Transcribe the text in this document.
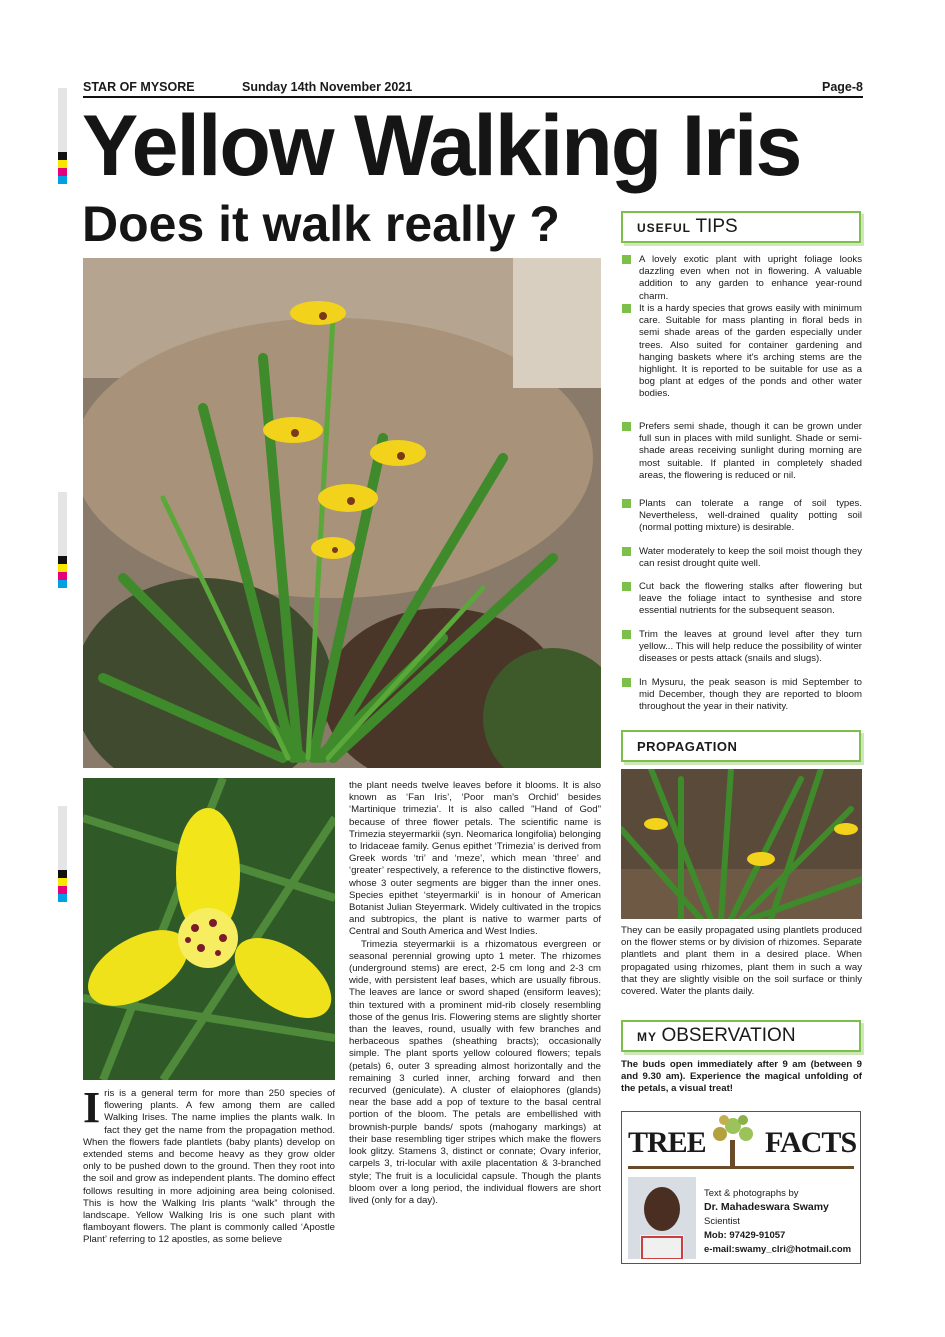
STAR OF MYSORE	Sunday 14th November 2021	Page-8
Yellow Walking Iris
Does it walk really ?
Iris is a general term for more than 250 species of flowering plants. A few among them are called Walking Irises. The name implies the plants walk. In fact they get the name from the propagation method. When the flowers fade plantlets (baby plants) develop on extended stems and become heavy as they grow older only to be pushed down to the ground. Then they root into the soil and grow as independent plants. The domino effect follows resulting in more adjoining area being colonised. This is how the Walking Iris plants “walk” through the landscape. Yellow Walking Iris is one such plant with flamboyant flowers. The plant is commonly called ‘Apostle Plant’ referring to 12 apostles, as some believe
the plant needs twelve leaves before it blooms. It is also known as ‘Fan Iris’, ‘Poor man's Orchid’ besides ‘Martinique trimezia’. It is also called "Hand of God" because of three flower petals. The scientific name is Trimezia steyermarkii (syn. Neomarica longifolia) belonging to Iridaceae family. Genus epithet ‘Trimezia’ is derived from Greek words ‘tri’ and ‘meze’, which mean ‘three’ and ‘greater’ respectively, a reference to the distinctive flowers, whose 3 outer segments are bigger than the inner ones. Species epithet ‘steyermarkii’ is in honour of American Botanist Julian Steyermark. Widely cultivated in the tropics and subtropics, the plant is native to warmer parts of Central and South America and West Indies.
Trimezia steyermarkii is a rhizomatous evergreen or seasonal perennial growing upto 1 meter. The rhizomes (underground stems) are erect, 2-5 cm long and 2-3 cm wide, with persistent leaf bases, which are usually fibrous. The leaves are lance or sword shaped (ensiform leaves); thin textured with a prominent mid-rib closely resembling those of the genus Iris. Flowering stems are slightly shorter than the leaves, round, usually with few branches and herbaceous spathes (sheathing bracts); occasionally simple. The plant sports yellow coloured flowers; tepals (petals) 6, outer 3 spreading almost horizontally and the remaining 3 curled inner, arching forward and then recurved (geniculate). A cluster of elaiophores (glands) near the base add a pop of texture to the basal central portion of the bloom. The petals are embellished with brownish-purple bands/ spots (mahogany markings) at their base resembling tiger stripes which make the flowers look glitzy. Stamens 3, distinct or connate; Ovary inferior, carpels 3, tri-locular with axile placentation & 3-branched style; The fruit is a loculicidal capsule. Though the plants bloom over a long period, the individual flowers are short lived (only for a day).
USEFUL TIPS
A lovely exotic plant with upright foliage looks dazzling even when not in flowering. A valuable addition to any garden to enhance year-round charm.
It is a hardy species that grows easily with minimum care. Suitable for mass planting in floral beds in semi shade areas of the garden especially under trees. Also suited for container gardening and hanging baskets where it's arching stems are the highlight. It is reported to be suitable for use as a bog plant at edges of the ponds and other water bodies.
Prefers semi shade, though it can be grown under full sun in places with mild sunlight. Shade or semi-shade areas receiving sunlight during morning are most suitable. If planted in completely shaded areas, the flowering is reduced or nil.
Plants can tolerate a range of soil types. Nevertheless, well-drained quality potting soil (normal potting mixture) is desirable.
Water moderately to keep the soil moist though they can resist drought quite well.
Cut back the flowering stalks after flowering but leave the foliage intact to synthesise and store essential nutrients for the subsequent season.
Trim the leaves at ground level after they turn yellow... This will help reduce the possibility of winter diseases or pests attack (snails and slugs).
In Mysuru, the peak season is mid September to mid December, though they are reported to bloom throughout the year in their nativity.
PROPAGATION
They can be easily propagated using plantlets produced on the flower stems or by division of rhizomes. Separate plantlets and plant them in a desired place. When propagated using rhizomes, plant them in such a way that they are slightly visible on the soil surface or thinly covered. Water the plants daily.
MY OBSERVATION
The buds open immediately after 9 am (between 9 and 9.30 am). Experience the magical unfolding of the petals, a visual treat!
TREE FACTS
Text & photographs by
Dr. Mahadeswara Swamy
Scientist
Mob: 97429-91057
e-mail:swamy_clri@hotmail.com
